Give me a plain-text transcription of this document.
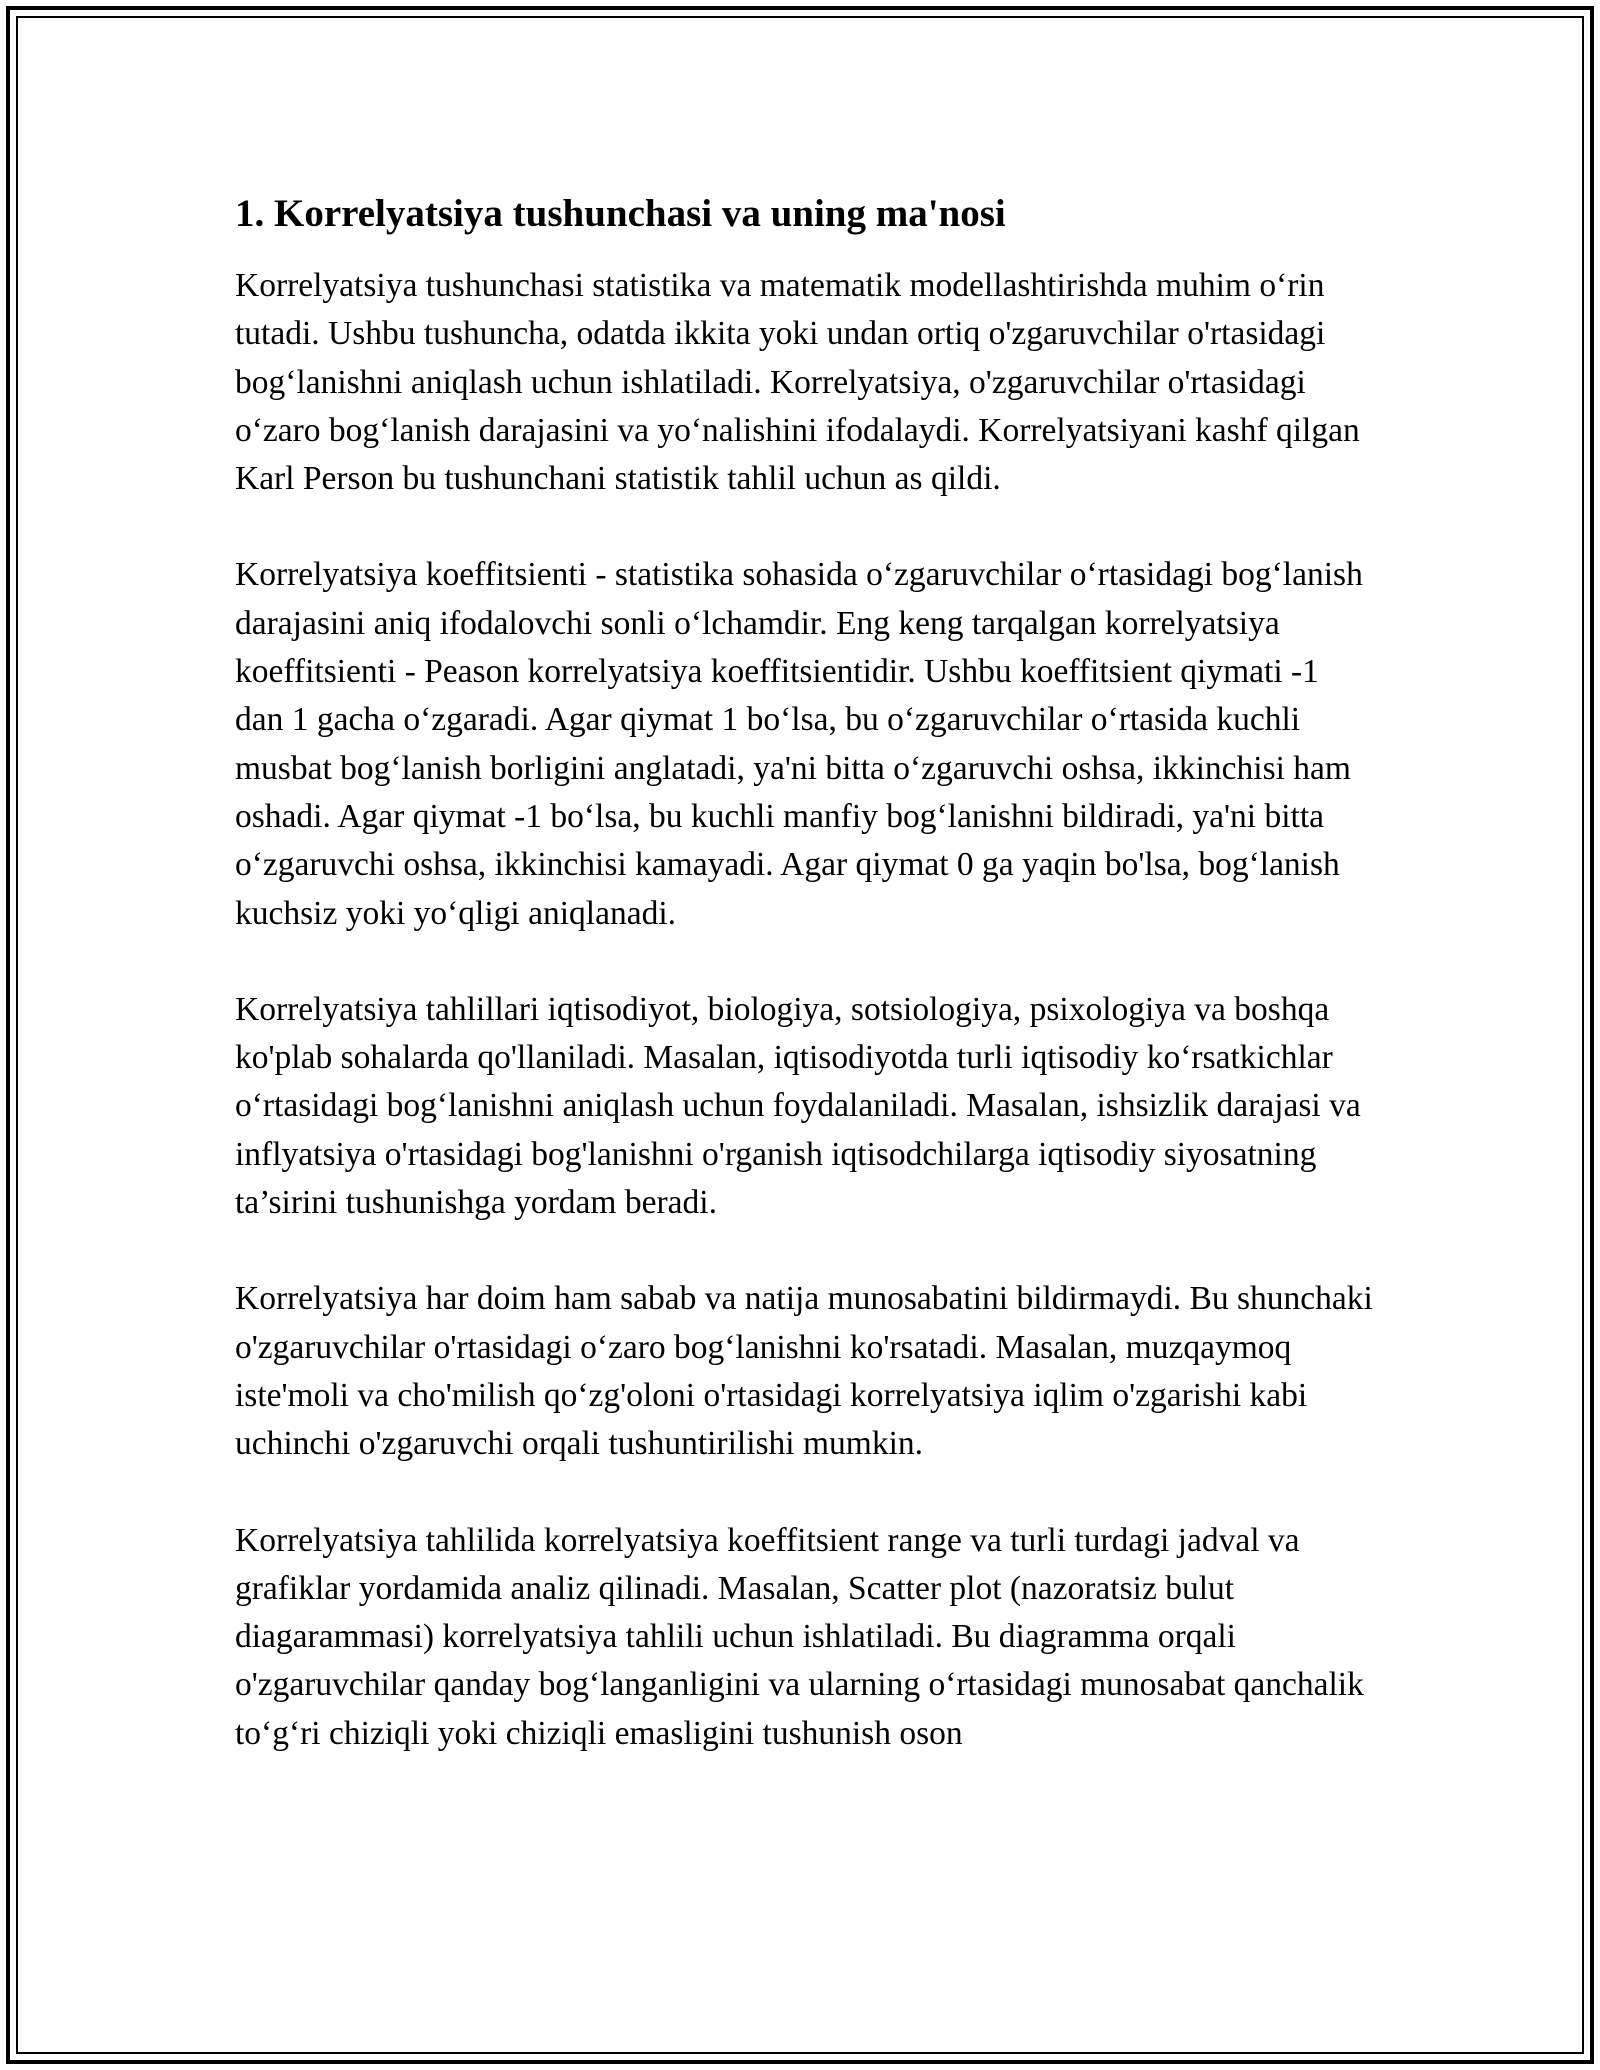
1. Korrelyatsiya tushunchasi va uning ma'nosi

Korrelyatsiya tushunchasi statistika va matematik modellashtirishda muhim oʻrin tutadi. Ushbu tushuncha, odatda ikkita yoki undan ortiq o'zgaruvchilar o'rtasidagi bogʻlanishni aniqlash uchun ishlatiladi. Korrelyatsiya, o'zgaruvchilar o'rtasidagi oʻzaro bogʻlanish darajasini va yoʻnalishini ifodalaydi. Korrelyatsiyani kashf qilgan Karl Person bu tushunchani statistik tahlil uchun as qildi.

Korrelyatsiya koeffitsienti - statistika sohasida oʻzgaruvchilar oʻrtasidagi bogʻlanish darajasini aniq ifodalovchi sonli oʻlchamdir. Eng keng tarqalgan korrelyatsiya koeffitsienti - Peason korrelyatsiya koeffitsientidir. Ushbu koeffitsient qiymati -1 dan 1 gacha oʻzgaradi. Agar qiymat 1 boʻlsa, bu oʻzgaruvchilar oʻrtasida kuchli musbat bogʻlanish borligini anglatadi, ya'ni bitta oʻzgaruvchi oshsa, ikkinchisi ham oshadi. Agar qiymat -1 boʻlsa, bu kuchli manfiy bogʻlanishni bildiradi, ya'ni bitta oʻzgaruvchi oshsa, ikkinchisi kamayadi. Agar qiymat 0 ga yaqin bo'lsa, bogʻlanish kuchsiz yoki yoʻqligi aniqlanadi.

Korrelyatsiya tahlillari iqtisodiyot, biologiya, sotsiologiya, psixologiya va boshqa ko'plab sohalarda qo'llaniladi. Masalan, iqtisodiyotda turli iqtisodiy koʻrsatkichlar oʻrtasidagi bogʻlanishni aniqlash uchun foydalaniladi. Masalan, ishsizlik darajasi va inflyatsiya o'rtasidagi bog'lanishni o'rganish iqtisodchilarga iqtisodiy siyosatning ta’sirini tushunishga yordam beradi.

Korrelyatsiya har doim ham sabab va natija munosabatini bildirmaydi. Bu shunchaki o'zgaruvchilar o'rtasidagi oʻzaro bogʻlanishni ko'rsatadi. Masalan, muzqaymoq iste'moli va cho'milish qoʻzg'oloni o'rtasidagi korrelyatsiya iqlim o'zgarishi kabi uchinchi o'zgaruvchi orqali tushuntirilishi mumkin.

Korrelyatsiya tahlilida korrelyatsiya koeffitsient range va turli turdagi jadval va grafiklar yordamida analiz qilinadi. Masalan, Scatter plot (nazoratsiz bulut diagarammasi) korrelyatsiya tahlili uchun ishlatiladi. Bu diagramma orqali o'zgaruvchilar qanday bogʻlanganligini va ularning oʻrtasidagi munosabat qanchalik toʻgʻri chiziqli yoki chiziqli emasligini tushunish oson
